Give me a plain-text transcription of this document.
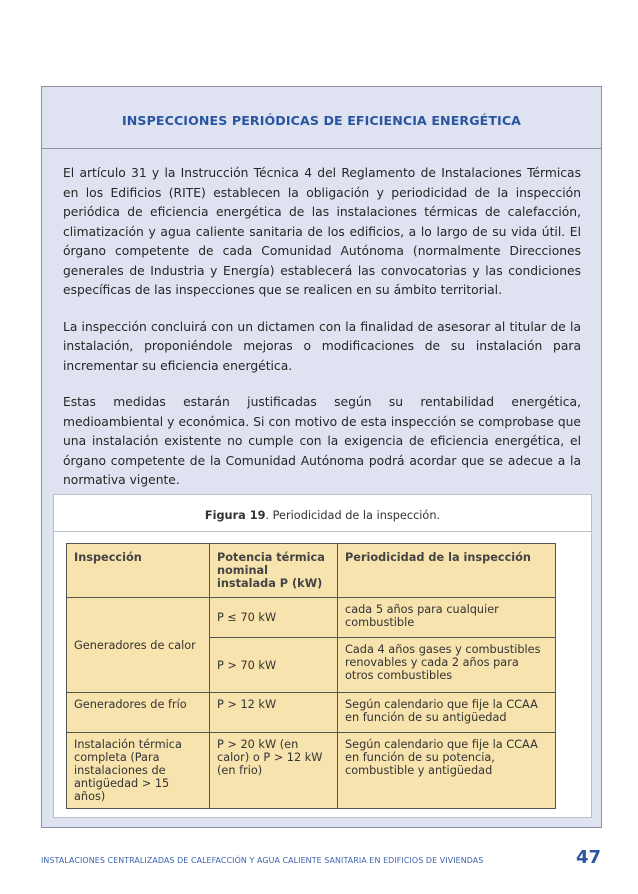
INSPECCIONES PERIÓDICAS DE EFICIENCIA ENERGÉTICA

El artículo 31 y la Instrucción Técnica 4 del Reglamento de Instalaciones Térmicas en los Edificios (RITE) establecen la obligación y periodicidad de la inspección periódica de eficiencia energética de las instalaciones térmicas de calefacción, climatización y agua caliente sanitaria de los edificios, a lo largo de su vida útil. El órgano competente de cada Comunidad Autónoma (normalmente Direcciones generales de Industria y Energía) establecerá las convocatorias y las condiciones específicas de las inspecciones que se realicen en su ámbito territorial.

La inspección concluirá con un dictamen con la finalidad de asesorar al titular de la instalación, proponiéndole mejoras o modificaciones de su instalación para incrementar su eficiencia energética.

Estas medidas estarán justificadas según su rentabilidad energética, medioambiental y económica. Si con motivo de esta inspección se comprobase que una instalación existente no cumple con la exigencia de eficiencia energética, el órgano competente de la Comunidad Autónoma podrá acordar que se adecue a la normativa vigente.

Figura 19. Periodicidad de la inspección.
Inspección	Potencia térmica nominal instalada P (kW)	Periodicidad de la inspección
Generadores de calor	P ≤ 70 kW	cada 5 años para cualquier combustible
	P > 70 kW	Cada 4 años gases y combustibles renovables y cada 2 años para otros combustibles
Generadores de frío	P > 12 kW	Según calendario que fije la CCAA en función de su antigüedad
Instalación térmica completa (Para instalaciones de antigüedad > 15 años)	P > 20 kW (en calor) o P > 12 kW (en frio)	Según calendario que fije la CCAA en función de su potencia, combustible y antigüedad
INSTALACIONES CENTRALIZADAS DE CALEFACCIÓN Y AGUA CALIENTE SANITARIA EN EDIFICIOS DE VIVIENDAS	47
